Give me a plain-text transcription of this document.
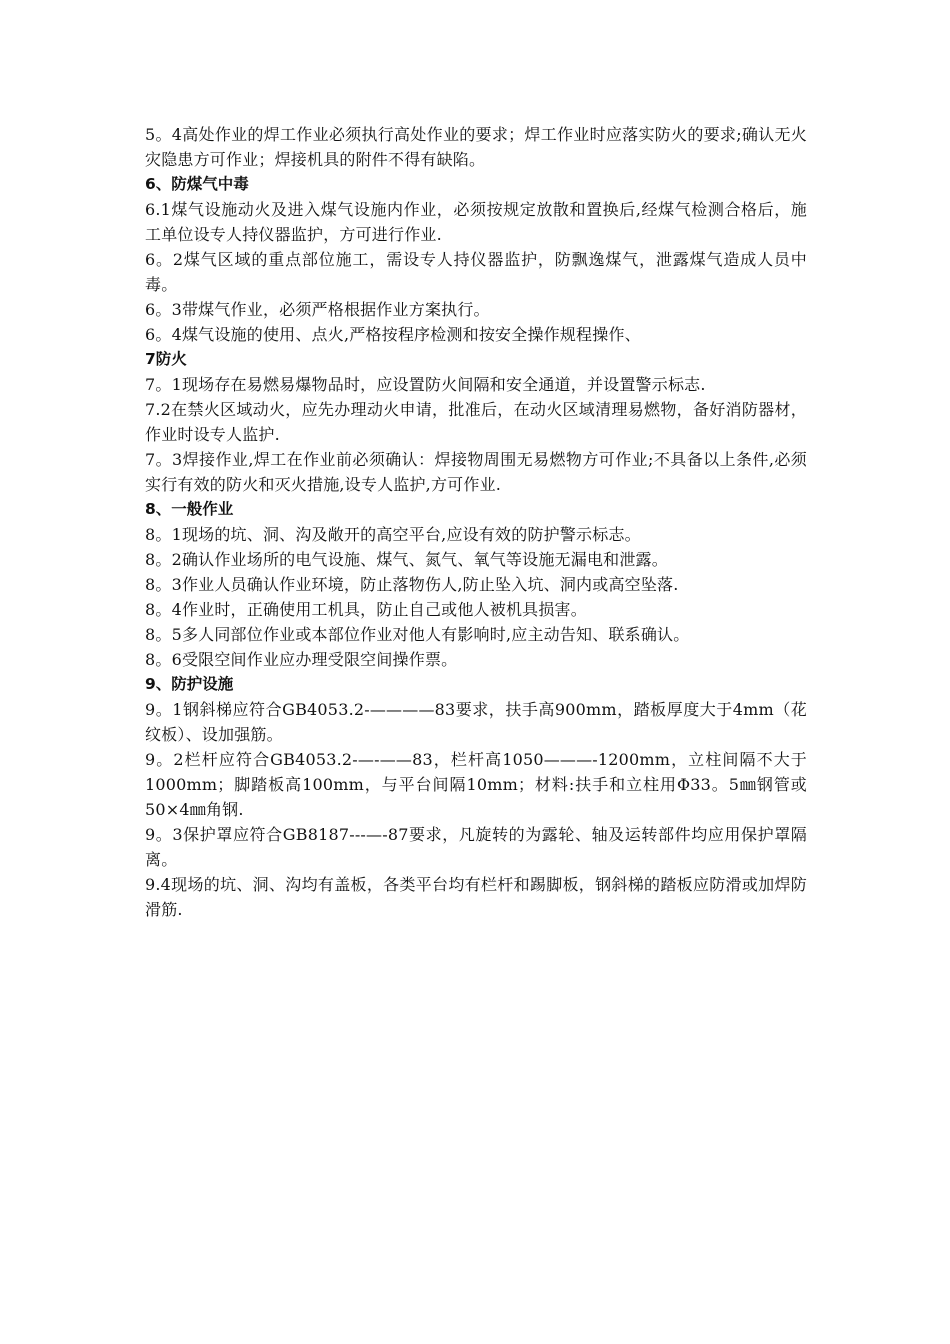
5。4高处作业的焊工作业必须执行高处作业的要求；焊工作业时应落实防火的要求;确认无火灾隐患方可作业；焊接机具的附件不得有缺陷。

6、防煤气中毒

6.1煤气设施动火及进入煤气设施内作业，必须按规定放散和置换后,经煤气检测合格后，施工单位设专人持仪器监护，方可进行作业.

6。2煤气区域的重点部位施工，需设专人持仪器监护，防飘逸煤气，泄露煤气造成人员中毒。

6。3带煤气作业，必须严格根据作业方案执行。

6。4煤气设施的使用、点火,严格按程序检测和按安全操作规程操作、

7防火

7。1现场存在易燃易爆物品时，应设置防火间隔和安全通道，并设置警示标志.

7.2在禁火区域动火，应先办理动火申请，批准后，在动火区域清理易燃物，备好消防器材，作业时设专人监护.

7。3焊接作业,焊工在作业前必须确认：焊接物周围无易燃物方可作业;不具备以上条件,必须实行有效的防火和灭火措施,设专人监护,方可作业.

8、一般作业

8。1现场的坑、洞、沟及敞开的高空平台,应设有效的防护警示标志。

8。2确认作业场所的电气设施、煤气、氮气、氧气等设施无漏电和泄露。

8。3作业人员确认作业环境，防止落物伤人,防止坠入坑、洞内或高空坠落.

8。4作业时，正确使用工机具，防止自己或他人被机具损害。

8。5多人同部位作业或本部位作业对他人有影响时,应主动告知、联系确认。

8。6受限空间作业应办理受限空间操作票。

9、防护设施

9。1钢斜梯应符合GB4053.2-————83要求，扶手高900mm，踏板厚度大于4mm（花纹板）、设加强筋。

9。2栏杆应符合GB4053.2-—-——83，栏杆高1050———-1200mm，立柱间隔不大于1000mm；脚踏板高100mm，与平台间隔10mm；材料:扶手和立柱用Φ33。5㎜钢管或50×4㎜角钢.

9。3保护罩应符合GB8187---—-87要求，凡旋转的为露轮、轴及运转部件均应用保护罩隔离。

9.4现场的坑、洞、沟均有盖板，各类平台均有栏杆和踢脚板，钢斜梯的踏板应防滑或加焊防滑筋.
